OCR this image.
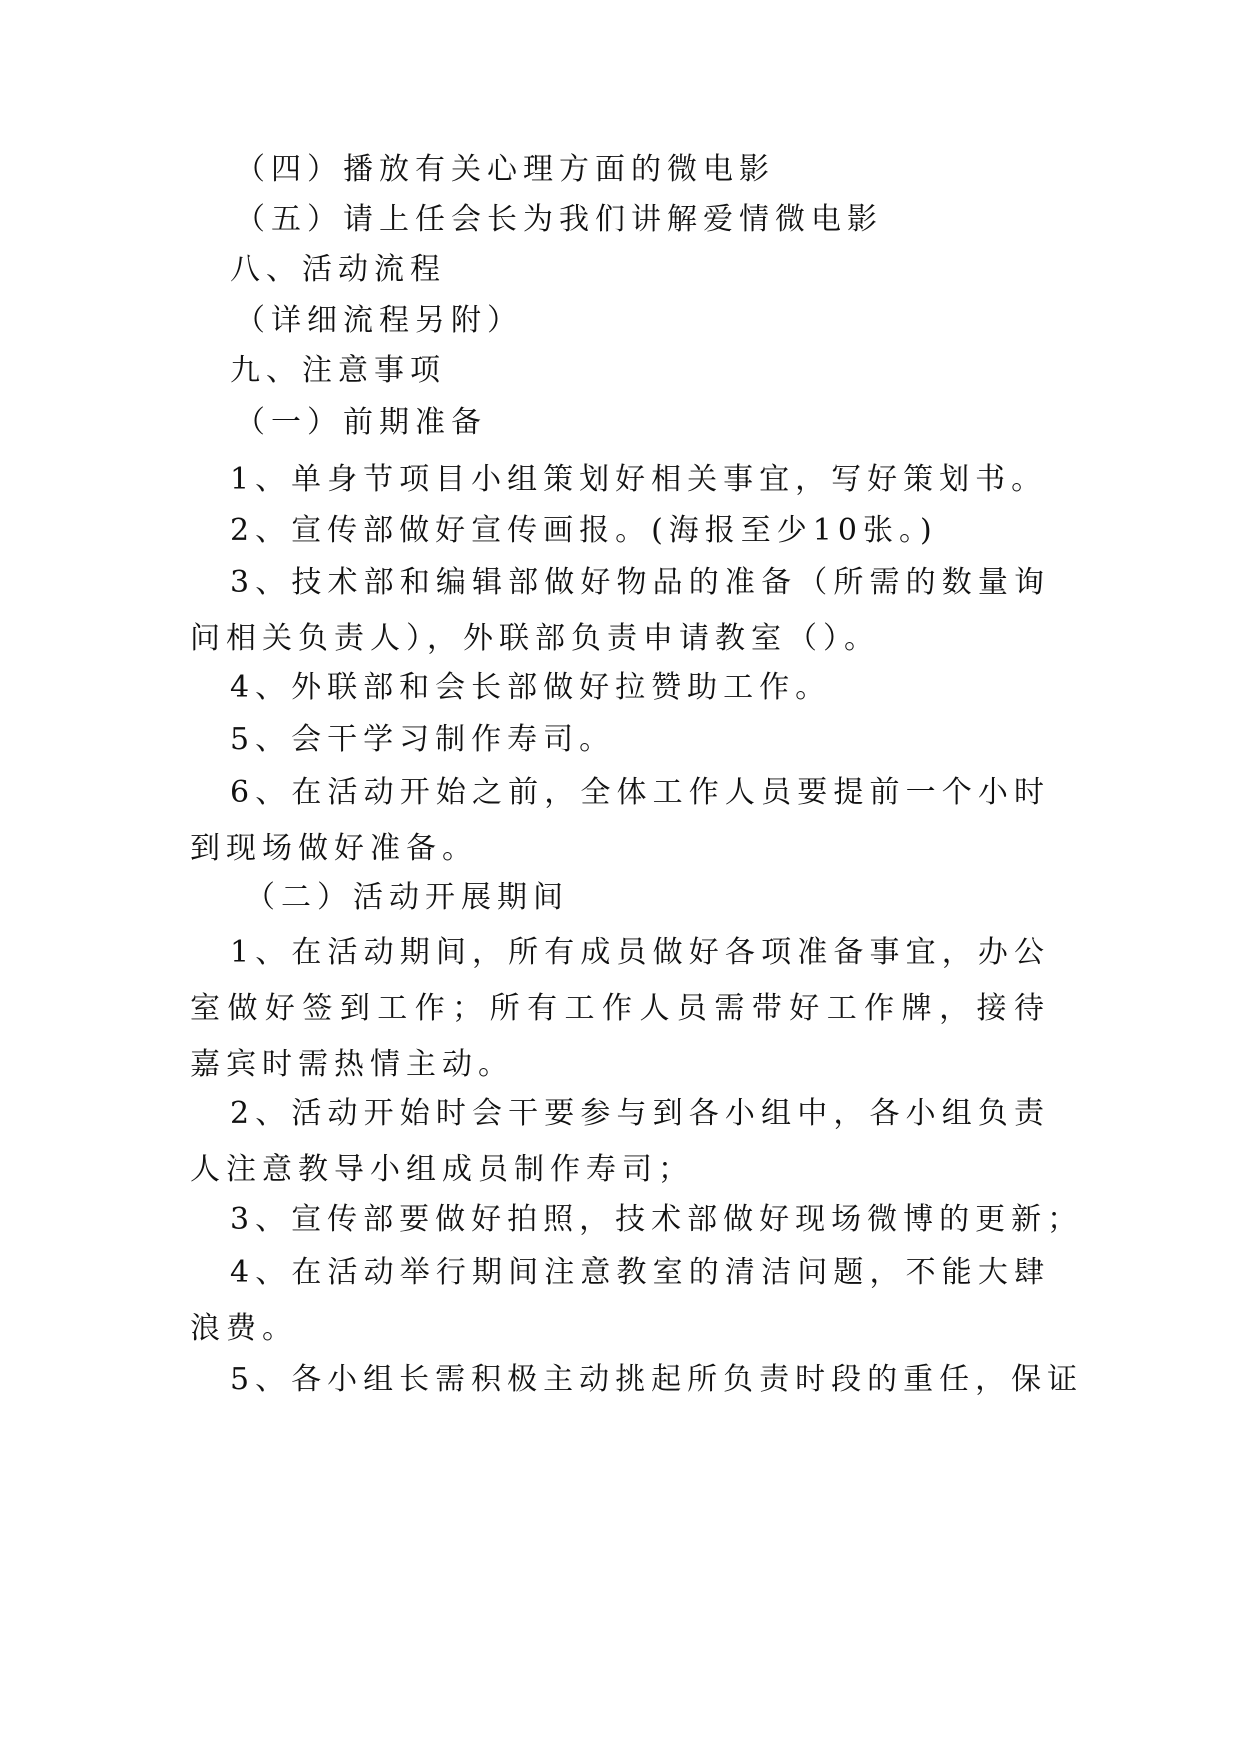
（四）播放有关心理方面的微电影
（五）请上任会长为我们讲解爱情微电影
八、活动流程
（详细流程另附）
九、注意事项
（一）前期准备
1、单身节项目小组策划好相关事宜，写好策划书。
2、宣传部做好宣传画报。(海报至少10张。)
3、技术部和编辑部做好物品的准备（所需的数量询问相关负责人），外联部负责申请教室（）。
4、外联部和会长部做好拉赞助工作。
5、会干学习制作寿司。
6、在活动开始之前，全体工作人员要提前一个小时到现场做好准备。
（二）活动开展期间
1、在活动期间，所有成员做好各项准备事宜，办公室做好签到工作；所有工作人员需带好工作牌，接待嘉宾时需热情主动。
2、活动开始时会干要参与到各小组中，各小组负责人注意教导小组成员制作寿司；
3、宣传部要做好拍照，技术部做好现场微博的更新；
4、在活动举行期间注意教室的清洁问题，不能大肆浪费。
5、各小组长需积极主动挑起所负责时段的重任，保证
